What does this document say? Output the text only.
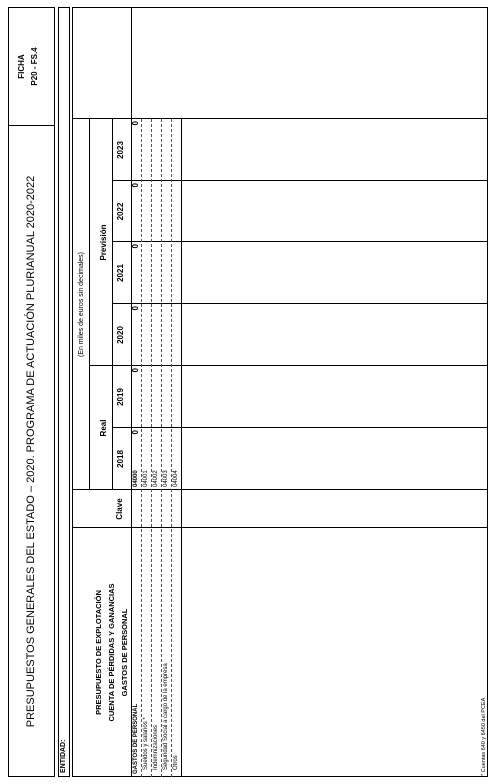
PRESUPUESTOS GENERALES DEL ESTADO – 2020. PROGRAMA DE ACTUACIÓN PLURIANUAL 2020-2022
FICHA P20 - FS.4
ENTIDAD:
PRESUPUESTO DE EXPLOTACIÓN CUENTA DE PÉRDIDAS Y GANANCIAS GASTOS DE PERSONAL
Clave
(En miles de euros sin decimales)
Real
Previsión
2018
2019
2020
2021
2022
2023
GASTOS DE PERSONAL
04000
0
0
0
0
0
0
Sueldos y salarios *
04001
Indemnizaciones
04002
Seguridad Social a cargo de la empresa
04003
Otros
04004
* Cuentas 640 y 6450 del PCEA
